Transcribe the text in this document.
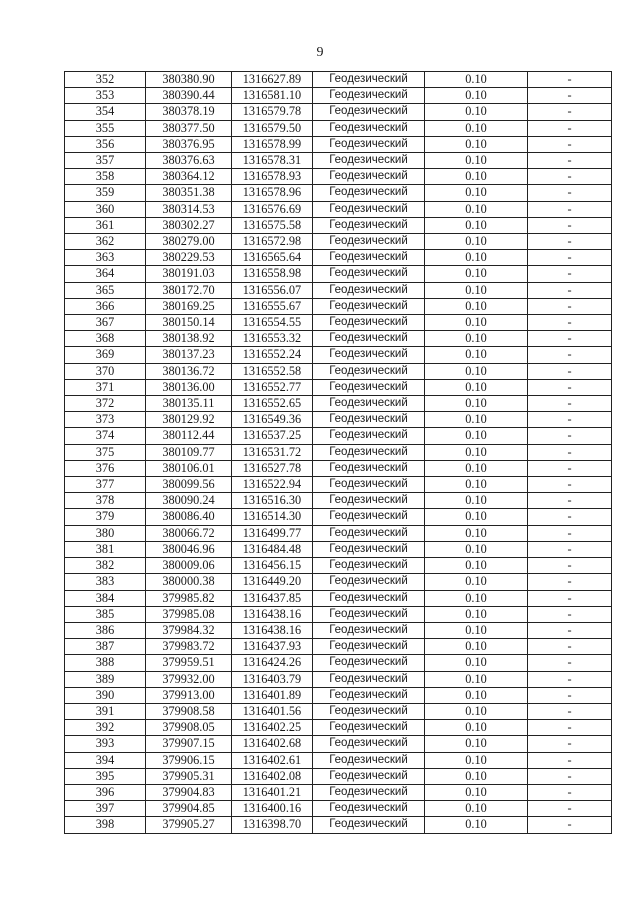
9
352	380380.90	1316627.89	Геодезический	0.10	-
353	380390.44	1316581.10	Геодезический	0.10	-
354	380378.19	1316579.78	Геодезический	0.10	-
355	380377.50	1316579.50	Геодезический	0.10	-
356	380376.95	1316578.99	Геодезический	0.10	-
357	380376.63	1316578.31	Геодезический	0.10	-
358	380364.12	1316578.93	Геодезический	0.10	-
359	380351.38	1316578.96	Геодезический	0.10	-
360	380314.53	1316576.69	Геодезический	0.10	-
361	380302.27	1316575.58	Геодезический	0.10	-
362	380279.00	1316572.98	Геодезический	0.10	-
363	380229.53	1316565.64	Геодезический	0.10	-
364	380191.03	1316558.98	Геодезический	0.10	-
365	380172.70	1316556.07	Геодезический	0.10	-
366	380169.25	1316555.67	Геодезический	0.10	-
367	380150.14	1316554.55	Геодезический	0.10	-
368	380138.92	1316553.32	Геодезический	0.10	-
369	380137.23	1316552.24	Геодезический	0.10	-
370	380136.72	1316552.58	Геодезический	0.10	-
371	380136.00	1316552.77	Геодезический	0.10	-
372	380135.11	1316552.65	Геодезический	0.10	-
373	380129.92	1316549.36	Геодезический	0.10	-
374	380112.44	1316537.25	Геодезический	0.10	-
375	380109.77	1316531.72	Геодезический	0.10	-
376	380106.01	1316527.78	Геодезический	0.10	-
377	380099.56	1316522.94	Геодезический	0.10	-
378	380090.24	1316516.30	Геодезический	0.10	-
379	380086.40	1316514.30	Геодезический	0.10	-
380	380066.72	1316499.77	Геодезический	0.10	-
381	380046.96	1316484.48	Геодезический	0.10	-
382	380009.06	1316456.15	Геодезический	0.10	-
383	380000.38	1316449.20	Геодезический	0.10	-
384	379985.82	1316437.85	Геодезический	0.10	-
385	379985.08	1316438.16	Геодезический	0.10	-
386	379984.32	1316438.16	Геодезический	0.10	-
387	379983.72	1316437.93	Геодезический	0.10	-
388	379959.51	1316424.26	Геодезический	0.10	-
389	379932.00	1316403.79	Геодезический	0.10	-
390	379913.00	1316401.89	Геодезический	0.10	-
391	379908.58	1316401.56	Геодезический	0.10	-
392	379908.05	1316402.25	Геодезический	0.10	-
393	379907.15	1316402.68	Геодезический	0.10	-
394	379906.15	1316402.61	Геодезический	0.10	-
395	379905.31	1316402.08	Геодезический	0.10	-
396	379904.83	1316401.21	Геодезический	0.10	-
397	379904.85	1316400.16	Геодезический	0.10	-
398	379905.27	1316398.70	Геодезический	0.10	-
